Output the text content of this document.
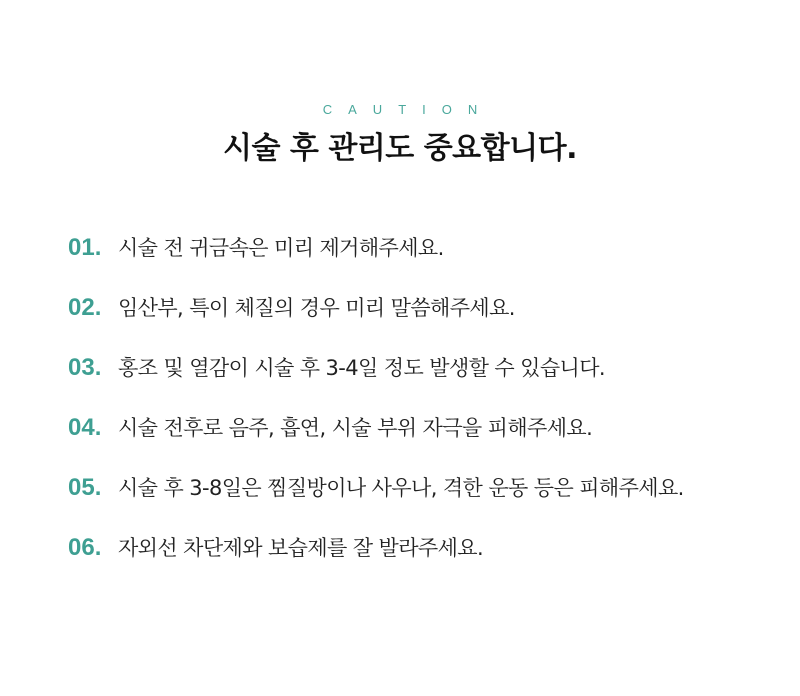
CAUTION
시술 후 관리도 중요합니다.
01. 시술 전 귀금속은 미리 제거해주세요.
02. 임산부, 특이 체질의 경우 미리 말씀해주세요.
03. 홍조 및 열감이 시술 후 3-4일 정도 발생할 수 있습니다.
04. 시술 전후로 음주, 흡연, 시술 부위 자극을 피해주세요.
05. 시술 후 3-8일은 찜질방이나 사우나, 격한 운동 등은 피해주세요.
06. 자외선 차단제와 보습제를 잘 발라주세요.
